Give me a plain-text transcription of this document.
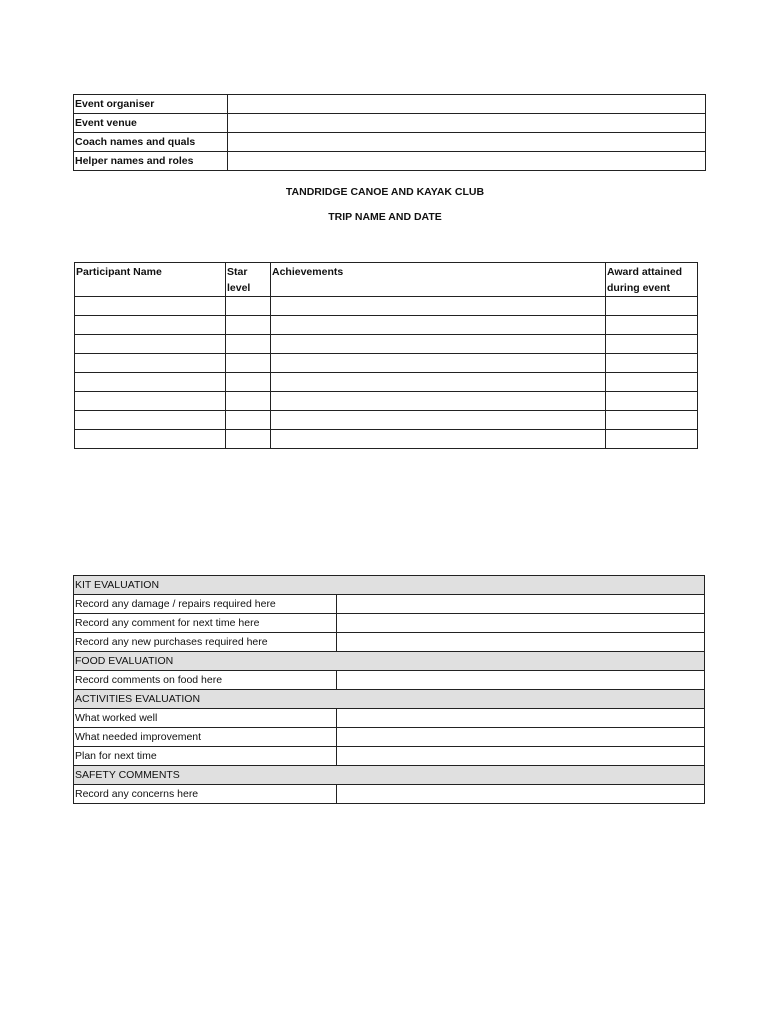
Event organiser	
Event venue	
Coach names and quals	
Helper names and roles	
TANDRIDGE CANOE AND KAYAK CLUB
TRIP NAME AND DATE
Participant Name	Star level	Achievements	Award attained during event

KIT EVALUATION	
Record any damage / repairs required here	
Record any comment for next time here	
Record any new purchases required here	
FOOD EVALUATION	
Record comments on food here	
ACTIVITIES EVALUATION	
What worked well	
What needed improvement	
Plan for next time	
SAFETY COMMENTS	
Record any concerns here	
